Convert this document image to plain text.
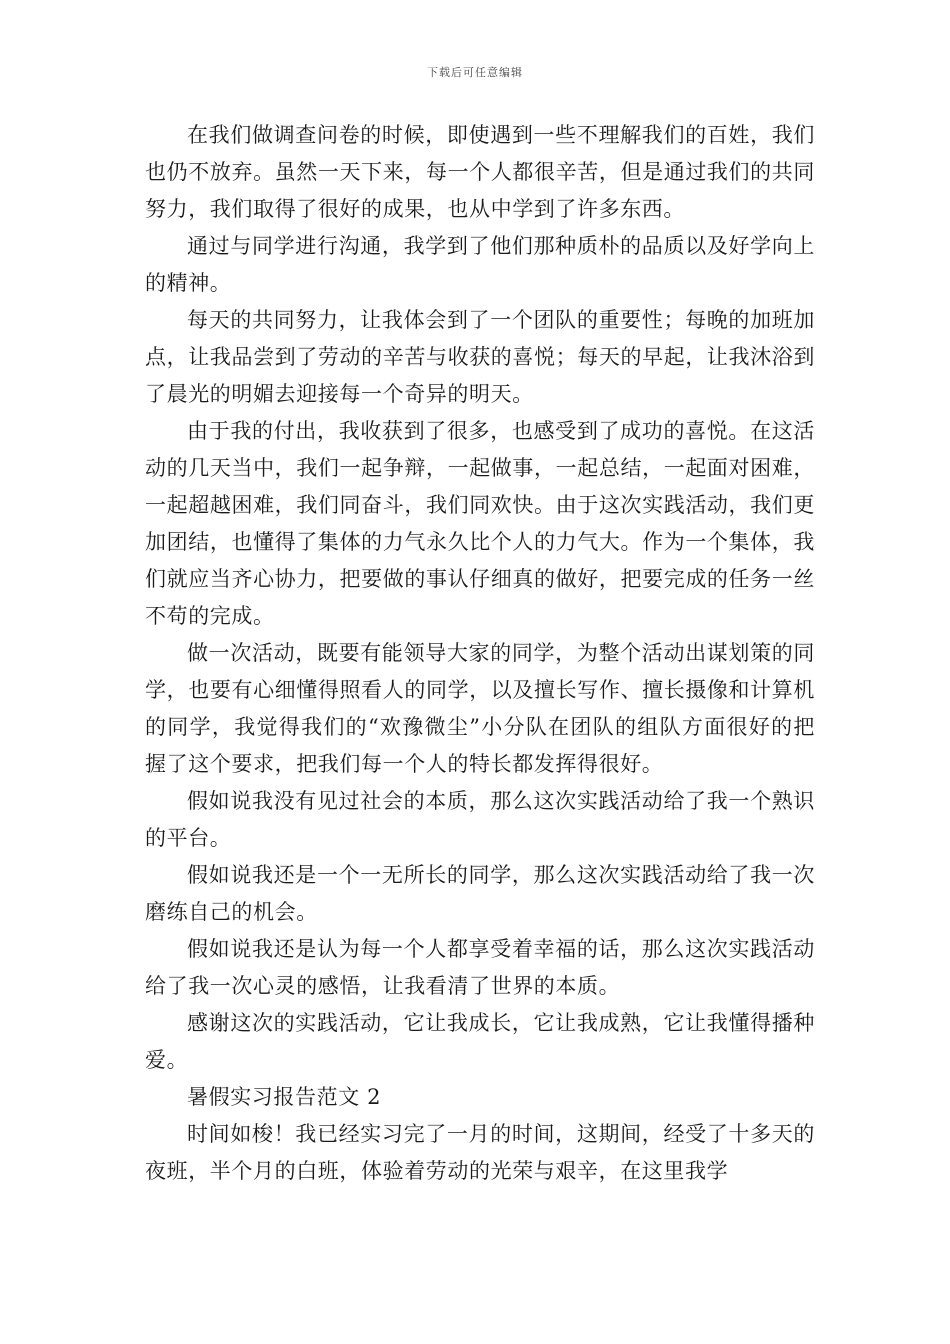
下载后可任意编辑

在我们做调查问卷的时候，即使遇到一些不理解我们的百姓，我们也仍不放弃。虽然一天下来，每一个人都很辛苦，但是通过我们的共同努力，我们取得了很好的成果，也从中学到了许多东西。

通过与同学进行沟通，我学到了他们那种质朴的品质以及好学向上的精神。

每天的共同努力，让我体会到了一个团队的重要性；每晚的加班加点，让我品尝到了劳动的辛苦与收获的喜悦；每天的早起，让我沐浴到了晨光的明媚去迎接每一个奇异的明天。

由于我的付出，我收获到了很多，也感受到了成功的喜悦。在这活动的几天当中，我们一起争辩，一起做事，一起总结，一起面对困难，一起超越困难，我们同奋斗，我们同欢快。由于这次实践活动，我们更加团结，也懂得了集体的力气永久比个人的力气大。作为一个集体，我们就应当齐心协力，把要做的事认仔细真的做好，把要完成的任务一丝不苟的完成。

做一次活动，既要有能领导大家的同学，为整个活动出谋划策的同学，也要有心细懂得照看人的同学，以及擅长写作、擅长摄像和计算机的同学，我觉得我们的“欢豫微尘”小分队在团队的组队方面很好的把握了这个要求，把我们每一个人的特长都发挥得很好。

假如说我没有见过社会的本质，那么这次实践活动给了我一个熟识的平台。

假如说我还是一个一无所长的同学，那么这次实践活动给了我一次磨练自己的机会。

假如说我还是认为每一个人都享受着幸福的话，那么这次实践活动给了我一次心灵的感悟，让我看清了世界的本质。

感谢这次的实践活动，它让我成长，它让我成熟，它让我懂得播种爱。

暑假实习报告范文 2

时间如梭！我已经实习完了一月的时间，这期间，经受了十多天的夜班，半个月的白班，体验着劳动的光荣与艰辛，在这里我学
